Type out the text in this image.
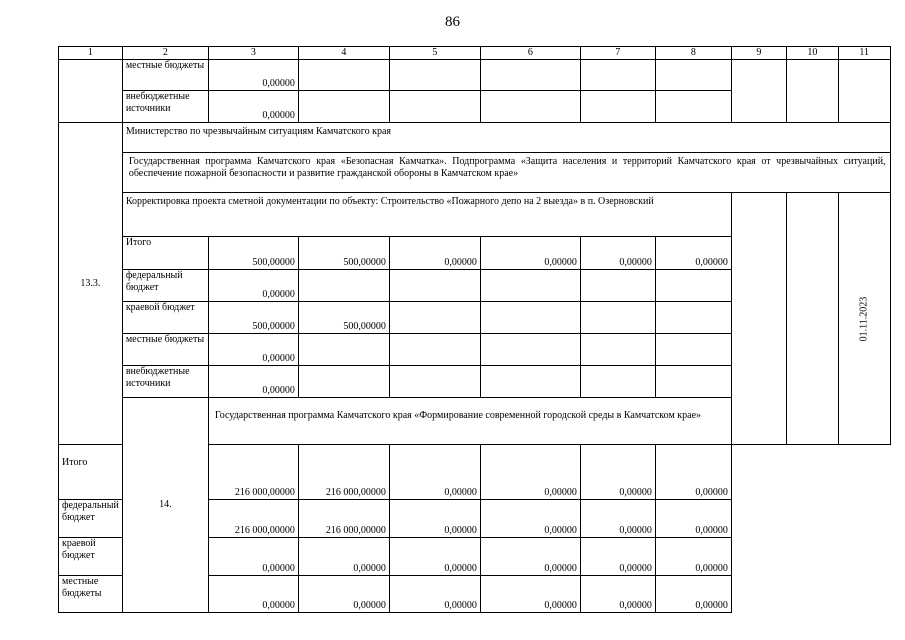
86
1	2	3	4	5	6	7	8	9	10	11
	местные бюджеты	0,00000								
	внебюджетные источники	0,00000								
13.3.	Министерство по чрезвычайным ситуациям Камчатского края									
	Государственная программа Камчатского края «Безопасная Камчатка». Подпрограмма «Защита населения и территорий Камчатского края от чрезвычайных ситуаций, обеспечение пожарной безопасности и развитие гражданской обороны в Камчатском крае»									
	Корректировка проекта сметной документации по объекту: Строительство «Пожарного депо на 2 выезда» в п. Озерновский									01.11.2023
	Итого	500,00000	500,00000	0,00000	0,00000	0,00000	0,00000			
	федеральный бюджет	0,00000								
	краевой бюджет	500,00000	500,00000							
	местные бюджеты	0,00000								
	внебюджетные источники	0,00000								
	14.	Государственная программа Камчатского края «Формирование современной городской среды в Камчатском крае»								
Итого		216 000,00000	216 000,00000	0,00000	0,00000	0,00000	0,00000			
федеральный бюджет		216 000,00000	216 000,00000	0,00000	0,00000	0,00000	0,00000			
краевой бюджет		0,00000	0,00000	0,00000	0,00000	0,00000	0,00000			
местные бюджеты		0,00000	0,00000	0,00000	0,00000	0,00000	0,00000			
